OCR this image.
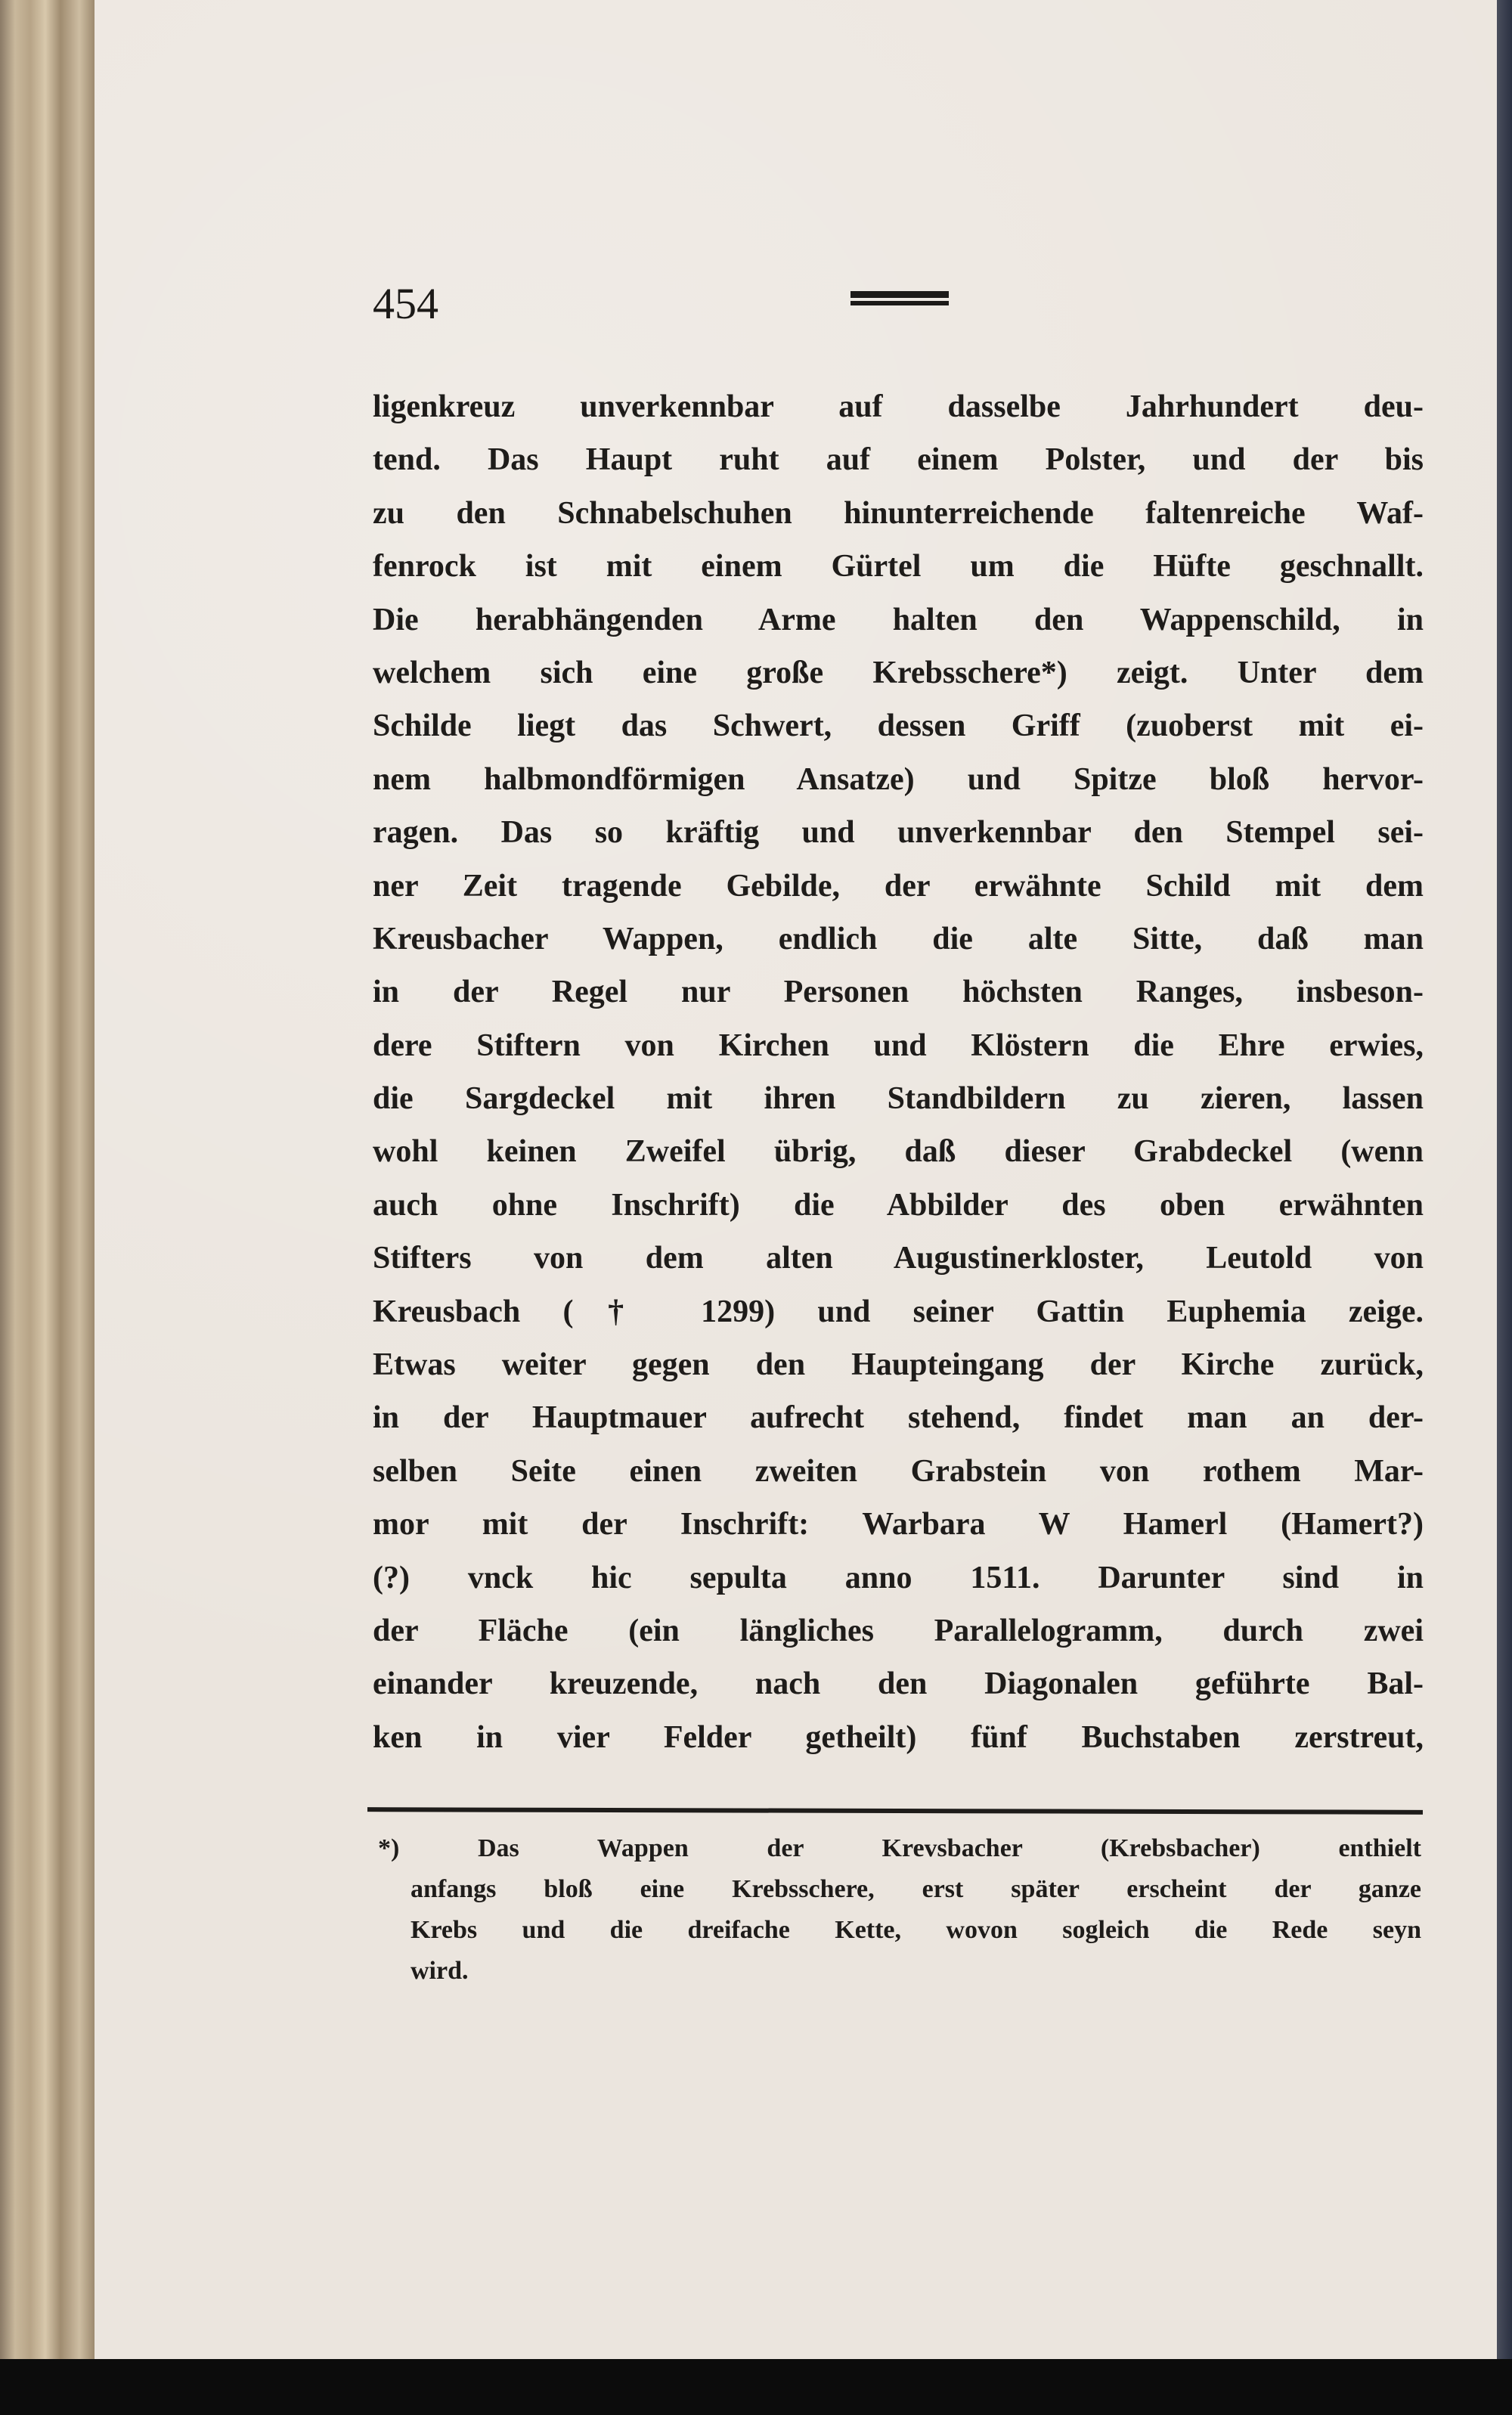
454
ligenkreuz unverkennbar auf dasselbe Jahrhundert deu-
tend. Das Haupt ruht auf einem Polster, und der bis
zu den Schnabelschuhen hinunterreichende faltenreiche Waf-
fenrock ist mit einem Gürtel um die Hüfte geschnallt.
Die herabhängenden Arme halten den Wappenschild, in
welchem sich eine große Krebsschere*) zeigt. Unter dem
Schilde liegt das Schwert, dessen Griff (zuoberst mit ei-
nem halbmondförmigen Ansatze) und Spitze bloß hervor-
ragen. Das so kräftig und unverkennbar den Stempel sei-
ner Zeit tragende Gebilde, der erwähnte Schild mit dem
Kreusbacher Wappen, endlich die alte Sitte, daß man
in der Regel nur Personen höchsten Ranges, insbeson-
dere Stiftern von Kirchen und Klöstern die Ehre erwies,
die Sargdeckel mit ihren Standbildern zu zieren, lassen
wohl keinen Zweifel übrig, daß dieser Grabdeckel (wenn
auch ohne Inschrift) die Abbilder des oben erwähnten
Stifters von dem alten Augustinerkloster, Leutold von
Kreusbach († 1299) und seiner Gattin Euphemia zeige.
Etwas weiter gegen den Haupteingang der Kirche zurück,
in der Hauptmauer aufrecht stehend, findet man an der-
selben Seite einen zweiten Grabstein von rothem Mar-
mor mit der Inschrift: Warbara W Hamerl (Hamert?)
(?) vnck hic sepulta anno 1511. Darunter sind in
der Fläche (ein längliches Parallelogramm, durch zwei
einander kreuzende, nach den Diagonalen geführte Bal-
ken in vier Felder getheilt) fünf Buchstaben zerstreut,
*) Das Wappen der Krevsbacher (Krebsbacher) enthielt
anfangs bloß eine Krebsschere, erst später erscheint der ganze
Krebs und die dreifache Kette, wovon sogleich die Rede seyn
wird.
